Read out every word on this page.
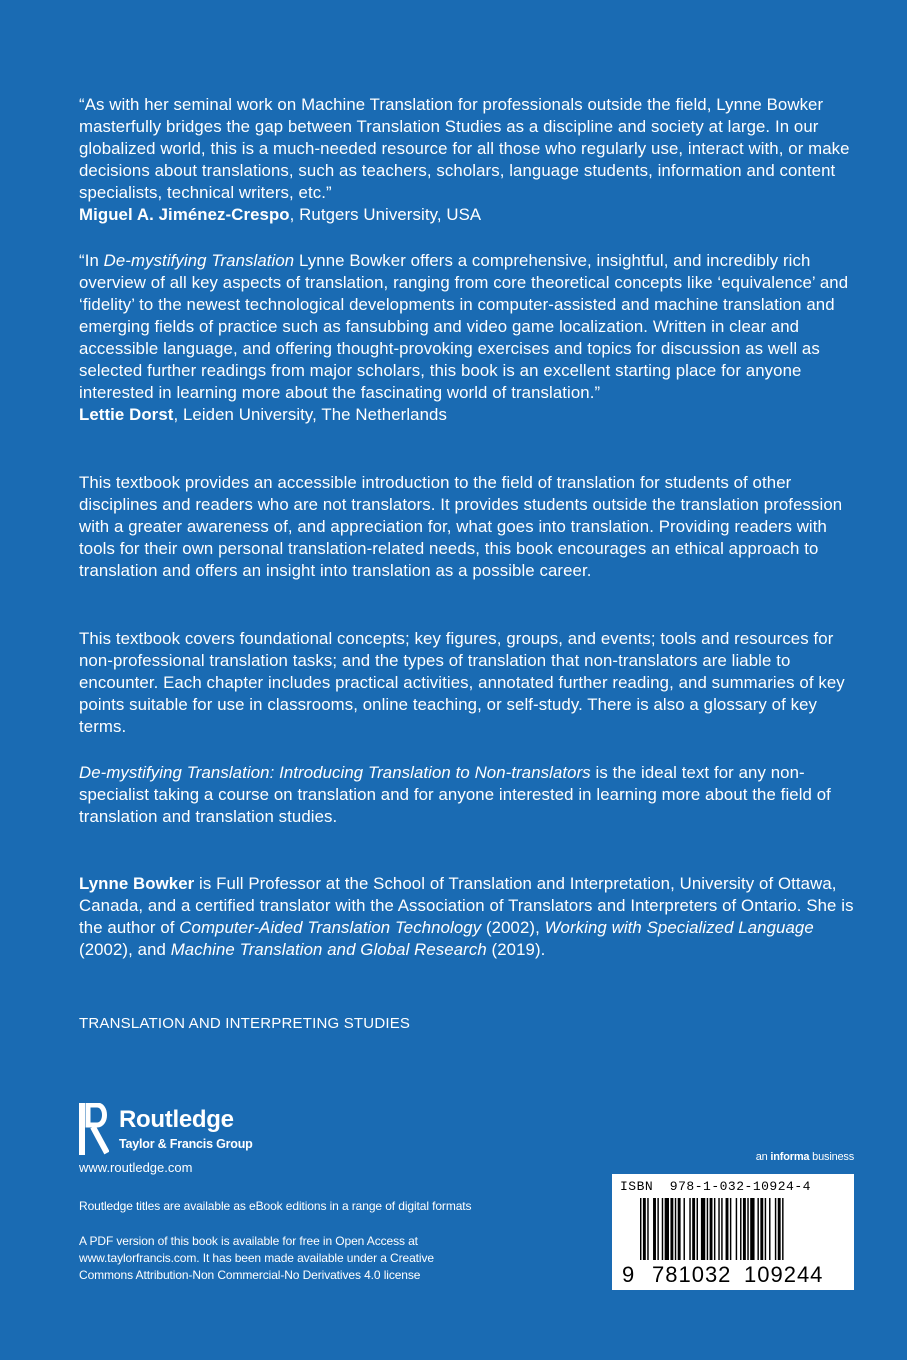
“As with her seminal work on Machine Translation for professionals outside the field, Lynne Bowker masterfully bridges the gap between Translation Studies as a discipline and society at large. In our globalized world, this is a much-needed resource for all those who regularly use, interact with, or make decisions about translations, such as teachers, scholars, language students, information and content specialists, technical writers, etc.”

Miguel A. Jiménez-Crespo, Rutgers University, USA

“In De-mystifying Translation Lynne Bowker offers a comprehensive, insightful, and incredibly rich overview of all key aspects of translation, ranging from core theoretical concepts like ‘equivalence’ and ‘fidelity’ to the newest technological developments in computer-assisted and machine translation and emerging fields of practice such as fansubbing and video game localization. Written in clear and accessible language, and offering thought-provoking exercises and topics for discussion as well as selected further readings from major scholars, this book is an excellent starting place for anyone interested in learning more about the fascinating world of translation.”

Lettie Dorst, Leiden University, The Netherlands

This textbook provides an accessible introduction to the field of translation for students of other disciplines and readers who are not translators. It provides students outside the translation profession with a greater awareness of, and appreciation for, what goes into translation. Providing readers with tools for their own personal translation-related needs, this book encourages an ethical approach to translation and offers an insight into translation as a possible career.

This textbook covers foundational concepts; key figures, groups, and events; tools and resources for non-professional translation tasks; and the types of translation that non-translators are liable to encounter. Each chapter includes practical activities, annotated further reading, and summaries of key points suitable for use in classrooms, online teaching, or self-study. There is also a glossary of key terms.

De-mystifying Translation: Introducing Translation to Non-translators is the ideal text for any non-specialist taking a course on translation and for anyone interested in learning more about the field of translation and translation studies.

Lynne Bowker is Full Professor at the School of Translation and Interpretation, University of Ottawa, Canada, and a certified translator with the Association of Translators and Interpreters of Ontario. She is the author of Computer-Aided Translation Technology (2002), Working with Specialized Language (2002), and Machine Translation and Global Research (2019).

TRANSLATION AND INTERPRETING STUDIES
Routledge
Taylor & Francis Group
www.routledge.com
Routledge titles are available as eBook editions in a range of digital formats
A PDF version of this book is available for free in Open Access at
www.taylorfrancis.com. It has been made available under a Creative
Commons Attribution-Non Commercial-No Derivatives 4.0 license
an informa business
ISBN  978-1-032-10924-4
9 781032 109244
